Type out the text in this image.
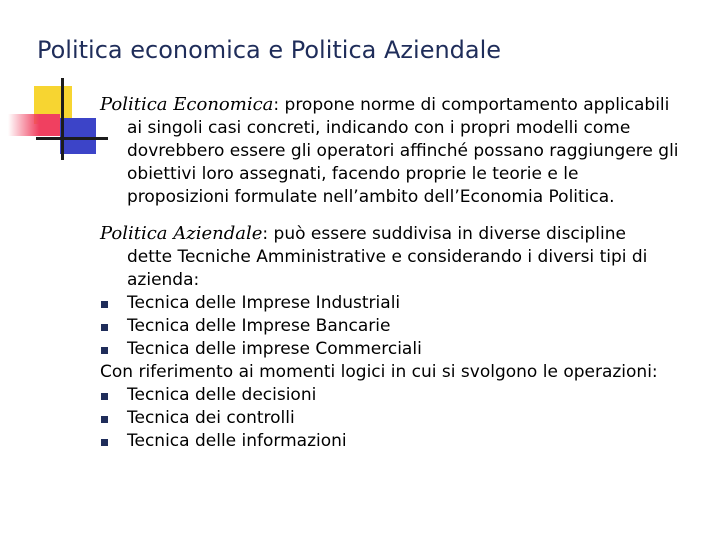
Politica economica e Politica Aziendale
Politica Economica: propone norme di comportamento applicabili
ai singoli casi concreti, indicando con i propri modelli come
dovrebbero essere gli operatori affinché possano raggiungere gli
obiettivi loro assegnati, facendo proprie le teorie e le
proposizioni formulate nell’ambito dell’Economia Politica.
Politica Aziendale: può essere suddivisa in diverse discipline
dette Tecniche Amministrative e considerando i diversi tipi di
azienda:
Tecnica delle Imprese Industriali
Tecnica delle Imprese Bancarie
Tecnica delle imprese Commerciali
Con riferimento ai momenti logici in cui si svolgono le operazioni:
Tecnica delle decisioni
Tecnica dei controlli
Tecnica delle informazioni
